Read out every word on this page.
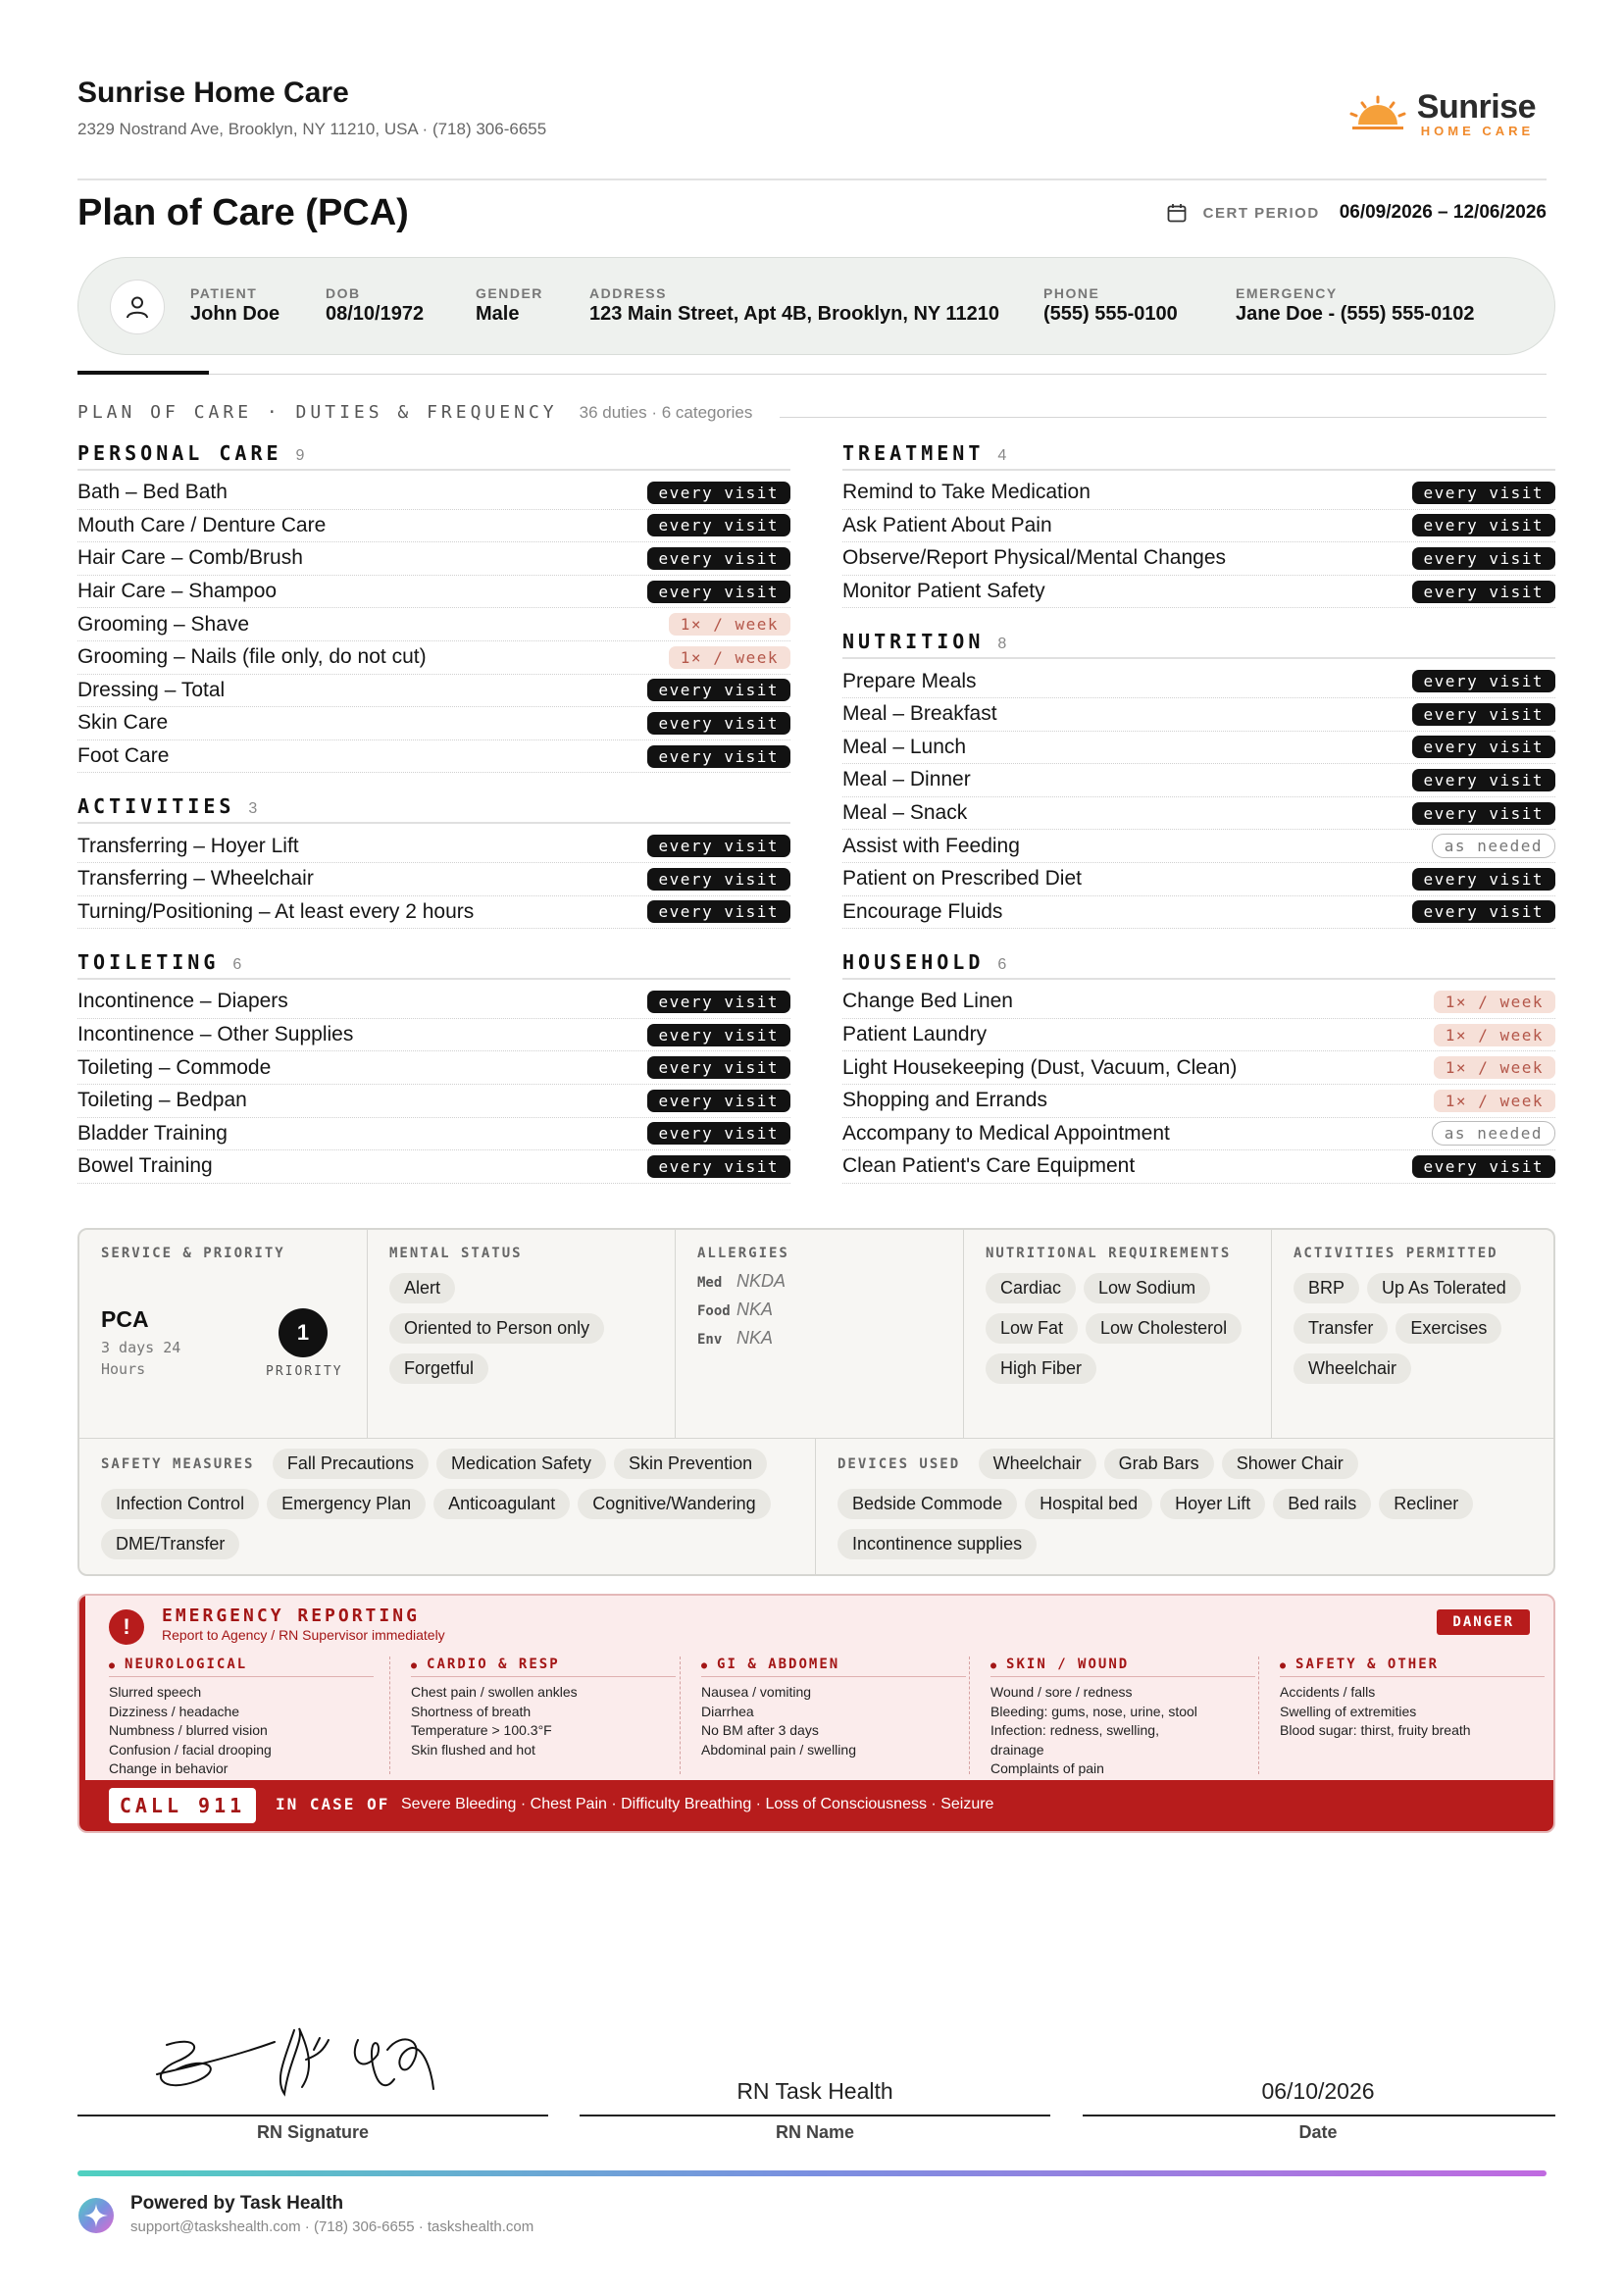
Sunrise Home Care
2329 Nostrand Ave, Brooklyn, NY 11210, USA · (718) 306-6655
Sunrise
HOME CARE
Plan of Care (PCA)	CERT PERIOD 06/09/2026 – 12/06/2026
PATIENT
John Doe
DOB
08/10/1972
GENDER
Male
ADDRESS
123 Main Street, Apt 4B, Brooklyn, NY 11210
PHONE
(555) 555-0100
EMERGENCY
Jane Doe - (555) 555-0102
PLAN OF CARE · DUTIES & FREQUENCY 36 duties · 6 categories
PERSONAL CARE 9
Bath – Bed Bath	every visit
Mouth Care / Denture Care	every visit
Hair Care – Comb/Brush	every visit
Hair Care – Shampoo	every visit
Grooming – Shave	1× / week
Grooming – Nails (file only, do not cut)	1× / week
Dressing – Total	every visit
Skin Care	every visit
Foot Care	every visit
ACTIVITIES 3
Transferring – Hoyer Lift	every visit
Transferring – Wheelchair	every visit
Turning/Positioning – At least every 2 hours	every visit
TOILETING 6
Incontinence – Diapers	every visit
Incontinence – Other Supplies	every visit
Toileting – Commode	every visit
Toileting – Bedpan	every visit
Bladder Training	every visit
Bowel Training	every visit
TREATMENT 4
Remind to Take Medication	every visit
Ask Patient About Pain	every visit
Observe/Report Physical/Mental Changes	every visit
Monitor Patient Safety	every visit
NUTRITION 8
Prepare Meals	every visit
Meal – Breakfast	every visit
Meal – Lunch	every visit
Meal – Dinner	every visit
Meal – Snack	every visit
Assist with Feeding	as needed
Patient on Prescribed Diet	every visit
Encourage Fluids	every visit
HOUSEHOLD 6
Change Bed Linen	1× / week
Patient Laundry	1× / week
Light Housekeeping (Dust, Vacuum, Clean)	1× / week
Shopping and Errands	1× / week
Accompany to Medical Appointment	as needed
Clean Patient's Care Equipment	every visit
SERVICE & PRIORITY
PCA
3 days 24 Hours
1
PRIORITY
MENTAL STATUS
AlertOriented to Person onlyForgetful
ALLERGIES
Med NKDA
Food NKA
Env NKA
NUTRITIONAL REQUIREMENTS
Cardiac Low SodiumLow Fat Low CholesterolHigh Fiber
ACTIVITIES PERMITTED
BRP Up As ToleratedTransfer ExercisesWheelchair
SAFETY MEASURES Fall Precautions Medication Safety Skin PreventionInfection Control Emergency Plan Anticoagulant Cognitive/WanderingDME/Transfer
DEVICES USED Wheelchair Grab Bars Shower ChairBedside Commode Hospital bed Hoyer Lift Bed rails ReclinerIncontinence supplies
!	EMERGENCY REPORTING
Report to Agency / RN Supervisor immediately
DANGER
● NEUROLOGICAL
Slurred speech
Dizziness / headache
Numbness / blurred vision
Confusion / facial drooping
Change in behavior
● CARDIO & RESP
Chest pain / swollen ankles
Shortness of breath
Temperature > 100.3°F
Skin flushed and hot
● GI & ABDOMEN
Nausea / vomiting
Diarrhea
No BM after 3 days
Abdominal pain / swelling
● SKIN / WOUND
Wound / sore / redness
Bleeding: gums, nose, urine, stool
Infection: redness, swelling,
drainage
Complaints of pain
● SAFETY & OTHER
Accidents / falls
Swelling of extremities
Blood sugar: thirst, fruity breath
CALL 911	IN CASE OF Severe Bleeding · Chest Pain · Difficulty Breathing · Loss of Consciousness · Seizure
RN Signature
RN Task Health
RN Name
06/10/2026
Date
Powered by Task Health
support@taskshealth.com · (718) 306-6655 · taskshealth.com
